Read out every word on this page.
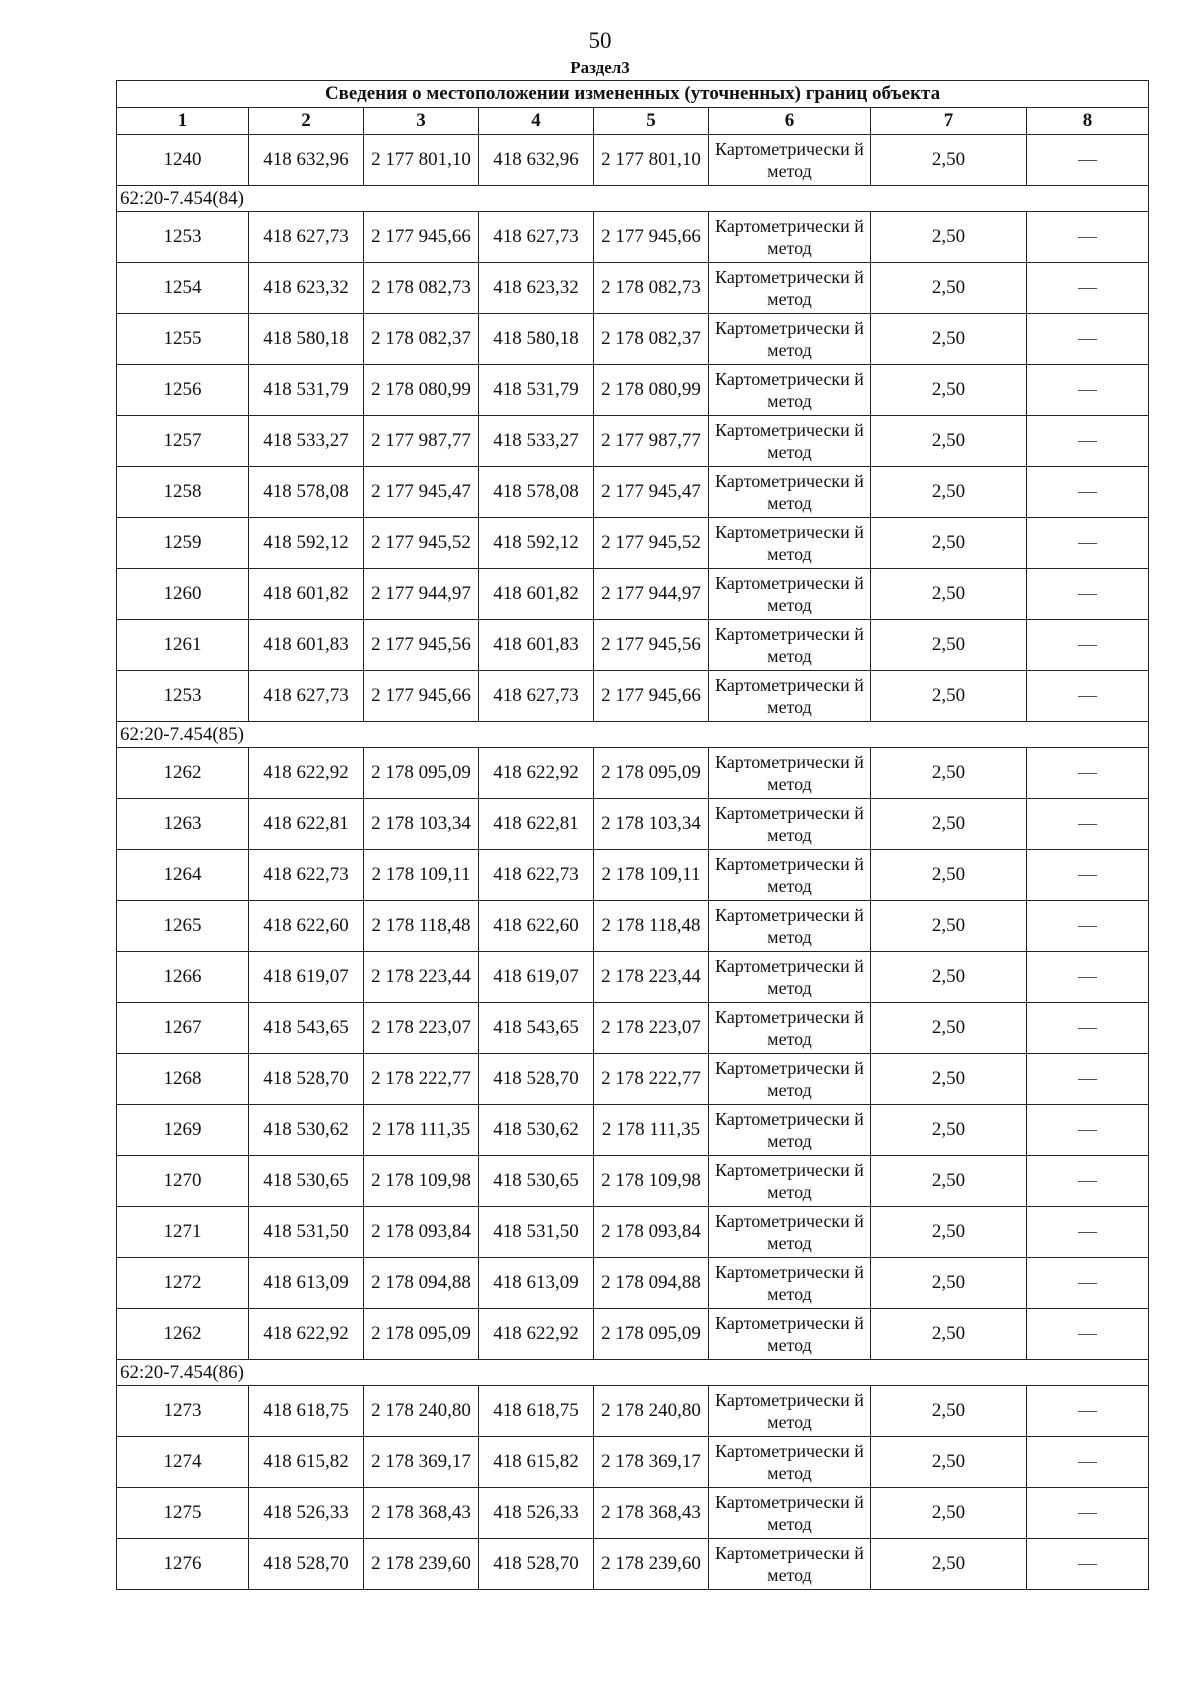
50
Раздел3
Сведения о местоположении измененных (уточненных) границ объекта							
1	2	3	4	5	6	7	8
1240	418 632,96	2 177 801,10	418 632,96	2 177 801,10	Картометрически й метод	2,50	—
62:20-7.454(84)							
1253	418 627,73	2 177 945,66	418 627,73	2 177 945,66	Картометрически й метод	2,50	—
1254	418 623,32	2 178 082,73	418 623,32	2 178 082,73	Картометрически й метод	2,50	—
1255	418 580,18	2 178 082,37	418 580,18	2 178 082,37	Картометрически й метод	2,50	—
1256	418 531,79	2 178 080,99	418 531,79	2 178 080,99	Картометрически й метод	2,50	—
1257	418 533,27	2 177 987,77	418 533,27	2 177 987,77	Картометрически й метод	2,50	—
1258	418 578,08	2 177 945,47	418 578,08	2 177 945,47	Картометрически й метод	2,50	—
1259	418 592,12	2 177 945,52	418 592,12	2 177 945,52	Картометрически й метод	2,50	—
1260	418 601,82	2 177 944,97	418 601,82	2 177 944,97	Картометрически й метод	2,50	—
1261	418 601,83	2 177 945,56	418 601,83	2 177 945,56	Картометрически й метод	2,50	—
1253	418 627,73	2 177 945,66	418 627,73	2 177 945,66	Картометрически й метод	2,50	—
62:20-7.454(85)							
1262	418 622,92	2 178 095,09	418 622,92	2 178 095,09	Картометрически й метод	2,50	—
1263	418 622,81	2 178 103,34	418 622,81	2 178 103,34	Картометрически й метод	2,50	—
1264	418 622,73	2 178 109,11	418 622,73	2 178 109,11	Картометрически й метод	2,50	—
1265	418 622,60	2 178 118,48	418 622,60	2 178 118,48	Картометрически й метод	2,50	—
1266	418 619,07	2 178 223,44	418 619,07	2 178 223,44	Картометрически й метод	2,50	—
1267	418 543,65	2 178 223,07	418 543,65	2 178 223,07	Картометрически й метод	2,50	—
1268	418 528,70	2 178 222,77	418 528,70	2 178 222,77	Картометрически й метод	2,50	—
1269	418 530,62	2 178 111,35	418 530,62	2 178 111,35	Картометрически й метод	2,50	—
1270	418 530,65	2 178 109,98	418 530,65	2 178 109,98	Картометрически й метод	2,50	—
1271	418 531,50	2 178 093,84	418 531,50	2 178 093,84	Картометрически й метод	2,50	—
1272	418 613,09	2 178 094,88	418 613,09	2 178 094,88	Картометрически й метод	2,50	—
1262	418 622,92	2 178 095,09	418 622,92	2 178 095,09	Картометрически й метод	2,50	—
62:20-7.454(86)							
1273	418 618,75	2 178 240,80	418 618,75	2 178 240,80	Картометрически й метод	2,50	—
1274	418 615,82	2 178 369,17	418 615,82	2 178 369,17	Картометрически й метод	2,50	—
1275	418 526,33	2 178 368,43	418 526,33	2 178 368,43	Картометрически й метод	2,50	—
1276	418 528,70	2 178 239,60	418 528,70	2 178 239,60	Картометрически й метод	2,50	—
